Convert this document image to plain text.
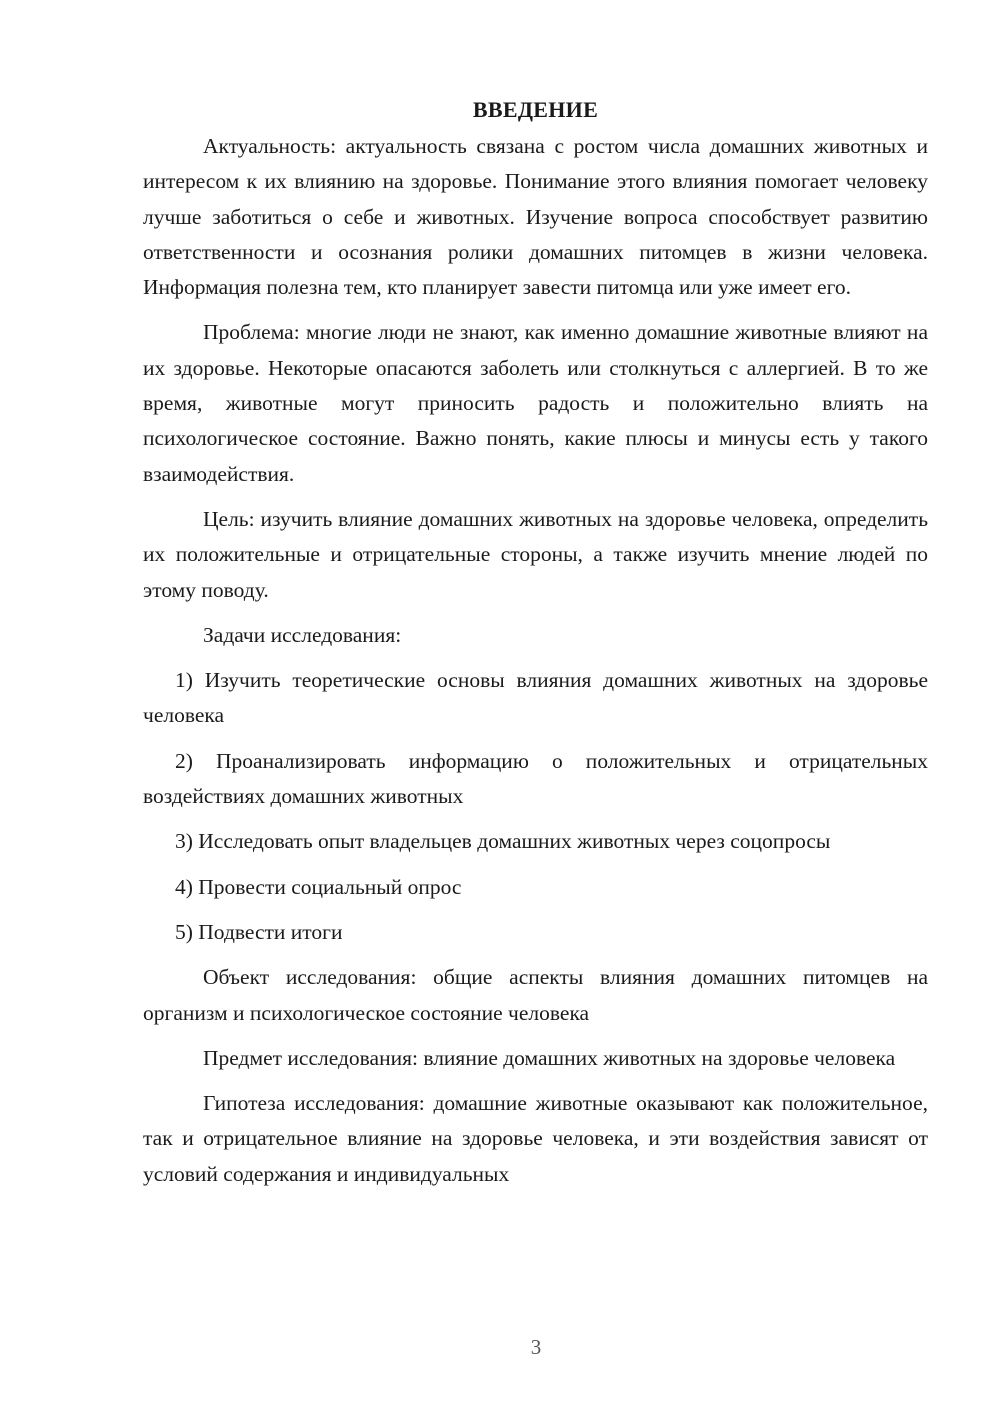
ВВЕДЕНИЕ

Актуальность: актуальность связана с ростом числа домашних животных и интересом к их влиянию на здоровье. Понимание этого влияния помогает человеку лучше заботиться о себе и животных. Изучение вопроса способствует развитию ответственности и осознания ролики домашних питомцев в жизни человека. Информация полезна тем, кто планирует завести питомца или уже имеет его.

Проблема: многие люди не знают, как именно домашние животные влияют на их здоровье. Некоторые опасаются заболеть или столкнуться с аллергией. В то же время, животные могут приносить радость и положительно влиять на психологическое состояние. Важно понять, какие плюсы и минусы есть у такого взаимодействия.

Цель: изучить влияние домашних животных на здоровье человека, определить их положительные и отрицательные стороны, а также изучить мнение людей по этому поводу.

Задачи исследования:

1) Изучить теоретические основы влияния домашних животных на здоровье человека

2) Проанализировать информацию о положительных и отрицательных воздействиях домашних животных

3) Исследовать опыт владельцев домашних животных через соцопросы

4) Провести социальный опрос

5) Подвести итоги

Объект исследования: общие аспекты влияния домашних питомцев на организм и психологическое состояние человека

Предмет исследования: влияние домашних животных на здоровье человека

Гипотеза исследования: домашние животные оказывают как положительное, так и отрицательное влияние на здоровье человека, и эти воздействия зависят от условий содержания и индивидуальных

3
